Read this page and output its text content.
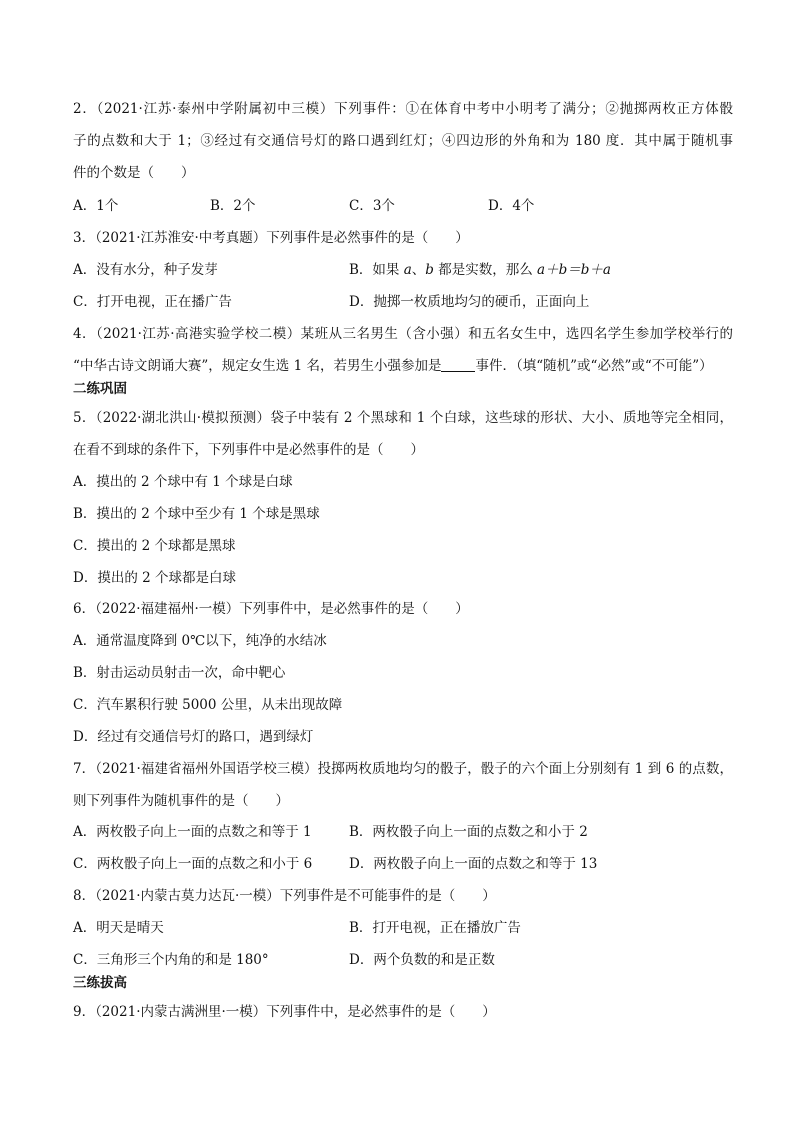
2．（2021·江苏·泰州中学附属初中三模）下列事件：①在体育中考中小明考了满分；②抛掷两枚正方体骰
子的点数和大于 1；③经过有交通信号灯的路口遇到红灯；④四边形的外角和为 180 度．其中属于随机事
件的个数是（　　）
A．1个	B．2个	C．3个	D．4个
3．（2021·江苏淮安·中考真题）下列事件是必然事件的是（　　）
A．没有水分，种子发芽	B．如果 a、b 都是实数，那么 a＋b＝b＋a
C．打开电视，正在播广告	D．抛掷一枚质地均匀的硬币，正面向上
4．（2021·江苏·高港实验学校二模）某班从三名男生（含小强）和五名女生中，选四名学生参加学校举行的
“中华古诗文朗诵大赛”，规定女生选 1 名，若男生小强参加是	事件．（填“随机”或“必然”或“不可能”）
二练巩固
5．（2022·湖北洪山·模拟预测）袋子中装有 2 个黑球和 1 个白球，这些球的形状、大小、质地等完全相同，
在看不到球的条件下，下列事件中是必然事件的是（　　）
A．摸出的 2 个球中有 1 个球是白球
B．摸出的 2 个球中至少有 1 个球是黑球
C．摸出的 2 个球都是黑球
D．摸出的 2 个球都是白球
6．（2022·福建福州·一模）下列事件中，是必然事件的是（　　）
A．通常温度降到 0℃以下，纯净的水结冰
B．射击运动员射击一次，命中靶心
C．汽车累积行驶 5000 公里，从未出现故障
D．经过有交通信号灯的路口，遇到绿灯
7．（2021·福建省福州外国语学校三模）投掷两枚质地均匀的骰子，骰子的六个面上分别刻有 1 到 6 的点数，
则下列事件为随机事件的是（　　）
A．两枚骰子向上一面的点数之和等于 1	B．两枚骰子向上一面的点数之和小于 2
C．两枚骰子向上一面的点数之和小于 6	D．两枚骰子向上一面的点数之和等于 13
8．（2021·内蒙古莫力达瓦·一模）下列事件是不可能事件的是（　　）
A．明天是晴天	B．打开电视，正在播放广告
C．三角形三个内角的和是 180°	D．两个负数的和是正数
三练拔高
9．（2021·内蒙古满洲里·一模）下列事件中，是必然事件的是（　　）
